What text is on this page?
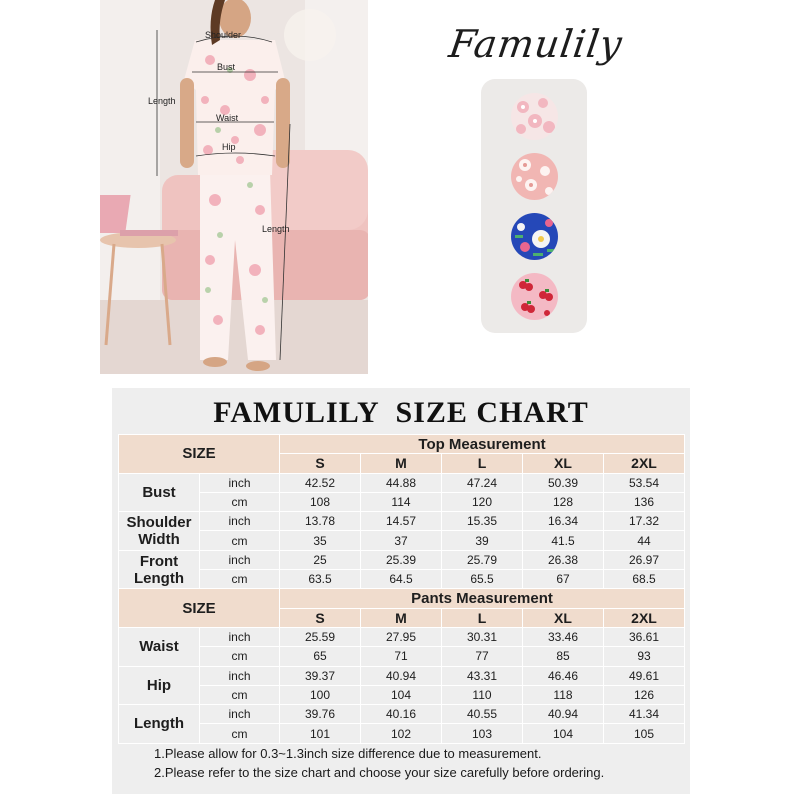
Shoulder
Bust
Length
Waist
Hip
Length
Famulily
FAMULILY  SIZE CHART
SIZE		Top Measurement				
		S	M	L	XL	2XL
Bust	inch	42.52	44.88	47.24	50.39	53.54
	cm	108	114	120	128	136
Shoulder Width	inch	13.78	14.57	15.35	16.34	17.32
	cm	35	37	39	41.5	44
Front Length	inch	25	25.39	25.79	26.38	26.97
	cm	63.5	64.5	65.5	67	68.5
SIZE		Pants Measurement				
		S	M	L	XL	2XL
Waist	inch	25.59	27.95	30.31	33.46	36.61
	cm	65	71	77	85	93
Hip	inch	39.37	40.94	43.31	46.46	49.61
	cm	100	104	110	118	126
Length	inch	39.76	40.16	40.55	40.94	41.34
	cm	101	102	103	104	105
1.Please allow for 0.3~1.3inch size difference due to measurement.
2.Please refer to the size chart and choose your size carefully before ordering.
